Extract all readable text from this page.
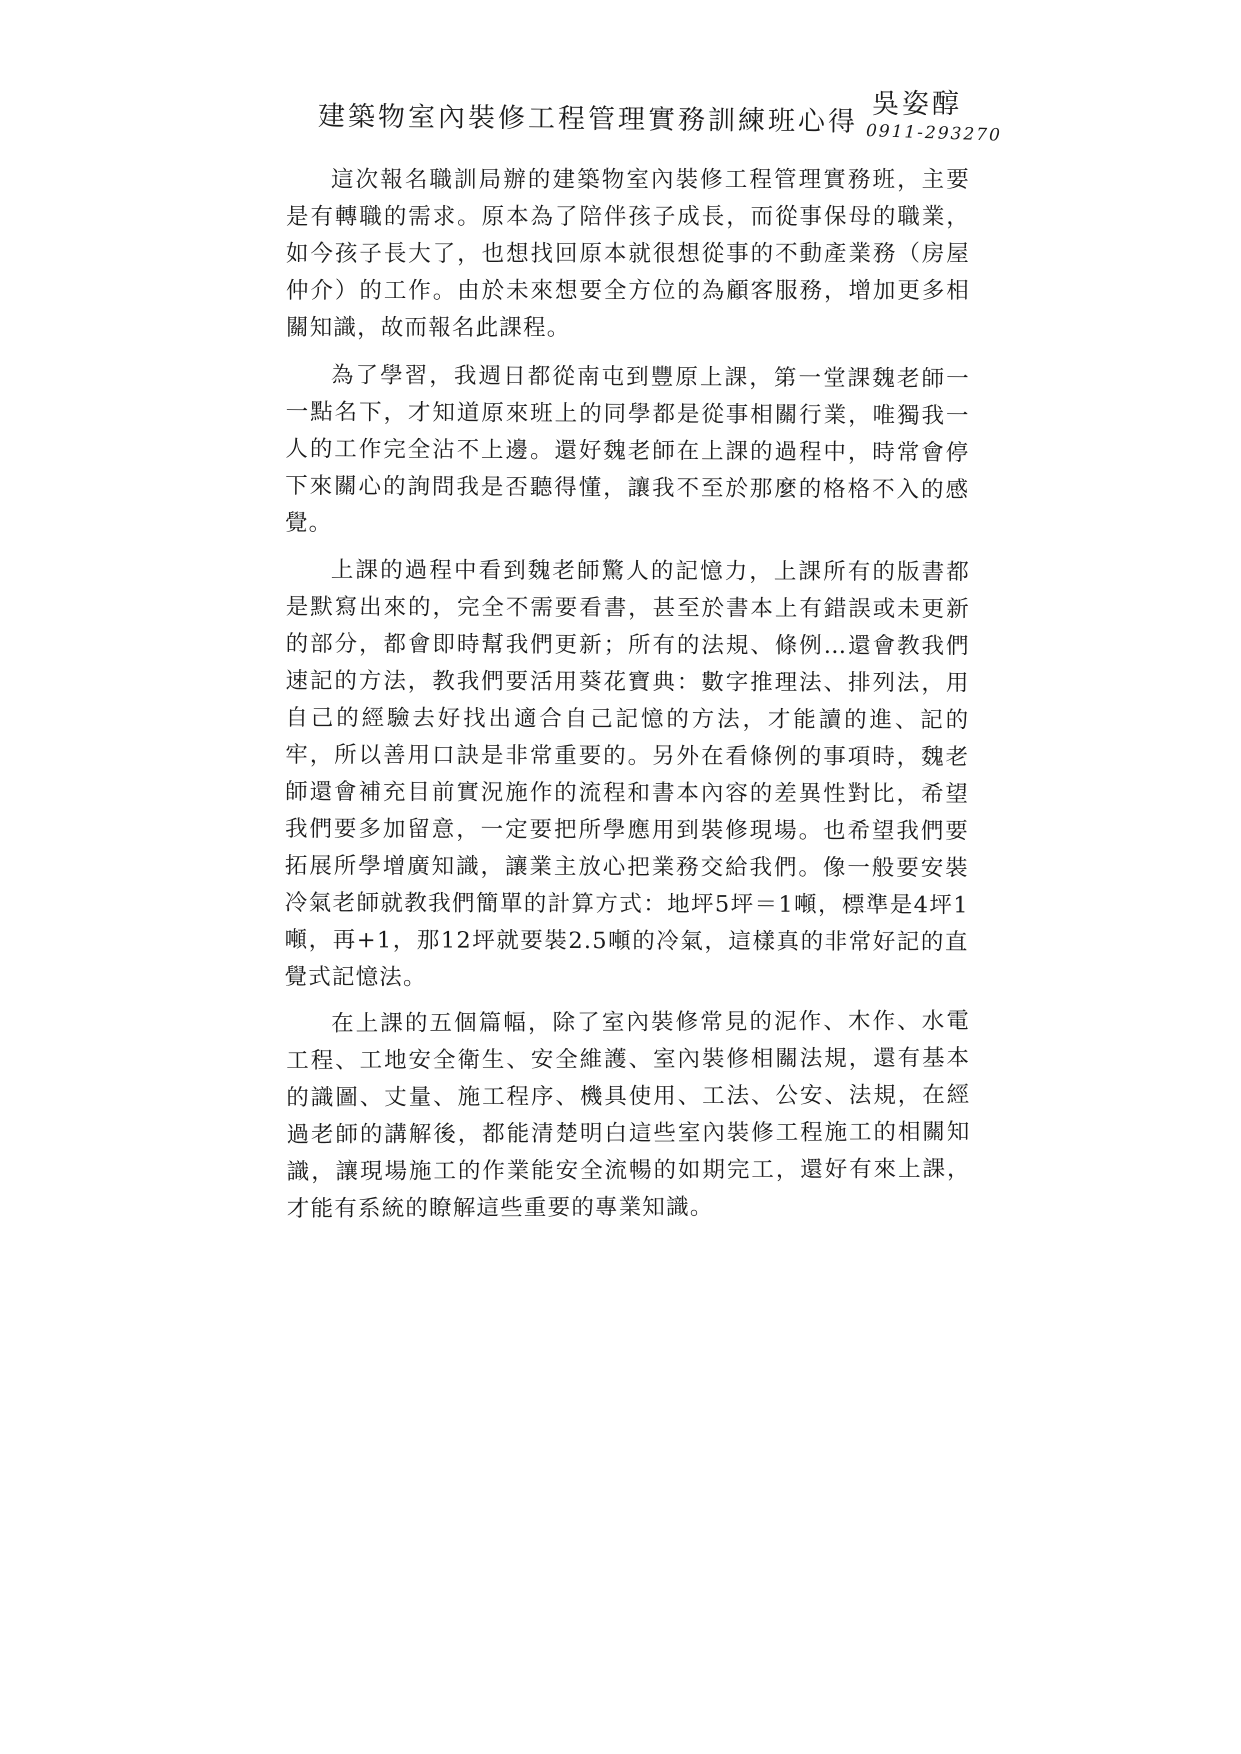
建築物室內裝修工程管理實務訓練班心得 吳姿醇
0911-293270

這次報名職訓局辦的建築物室內裝修工程管理實務班，主要是有轉職的需求。原本為了陪伴孩子成長，而從事保母的職業，如今孩子長大了，也想找回原本就很想從事的不動產業務（房屋仲介）的工作。由於未來想要全方位的為顧客服務，增加更多相關知識，故而報名此課程。

為了學習，我週日都從南屯到豐原上課，第一堂課魏老師一一點名下，才知道原來班上的同學都是從事相關行業，唯獨我一人的工作完全沾不上邊。還好魏老師在上課的過程中，時常會停下來關心的詢問我是否聽得懂，讓我不至於那麼的格格不入的感覺。

上課的過程中看到魏老師驚人的記憶力，上課所有的版書都是默寫出來的，完全不需要看書，甚至於書本上有錯誤或未更新的部分，都會即時幫我們更新；所有的法規、條例…還會教我們速記的方法，教我們要活用葵花寶典：數字推理法、排列法，用自己的經驗去好找出適合自己記憶的方法，才能讀的進、記的牢，所以善用口訣是非常重要的。另外在看條例的事項時，魏老師還會補充目前實況施作的流程和書本內容的差異性對比，希望我們要多加留意，一定要把所學應用到裝修現場。也希望我們要拓展所學增廣知識，讓業主放心把業務交給我們。像一般要安裝冷氣老師就教我們簡單的計算方式：地坪5坪＝1噸，標準是4坪1噸，再+1，那12坪就要裝2.5噸的冷氣，這樣真的非常好記的直覺式記憶法。

在上課的五個篇幅，除了室內裝修常見的泥作、木作、水電工程、工地安全衛生、安全維護、室內裝修相關法規，還有基本的識圖、丈量、施工程序、機具使用、工法、公安、法規，在經過老師的講解後，都能清楚明白這些室內裝修工程施工的相關知識，讓現場施工的作業能安全流暢的如期完工，還好有來上課，才能有系統的瞭解這些重要的專業知識。
